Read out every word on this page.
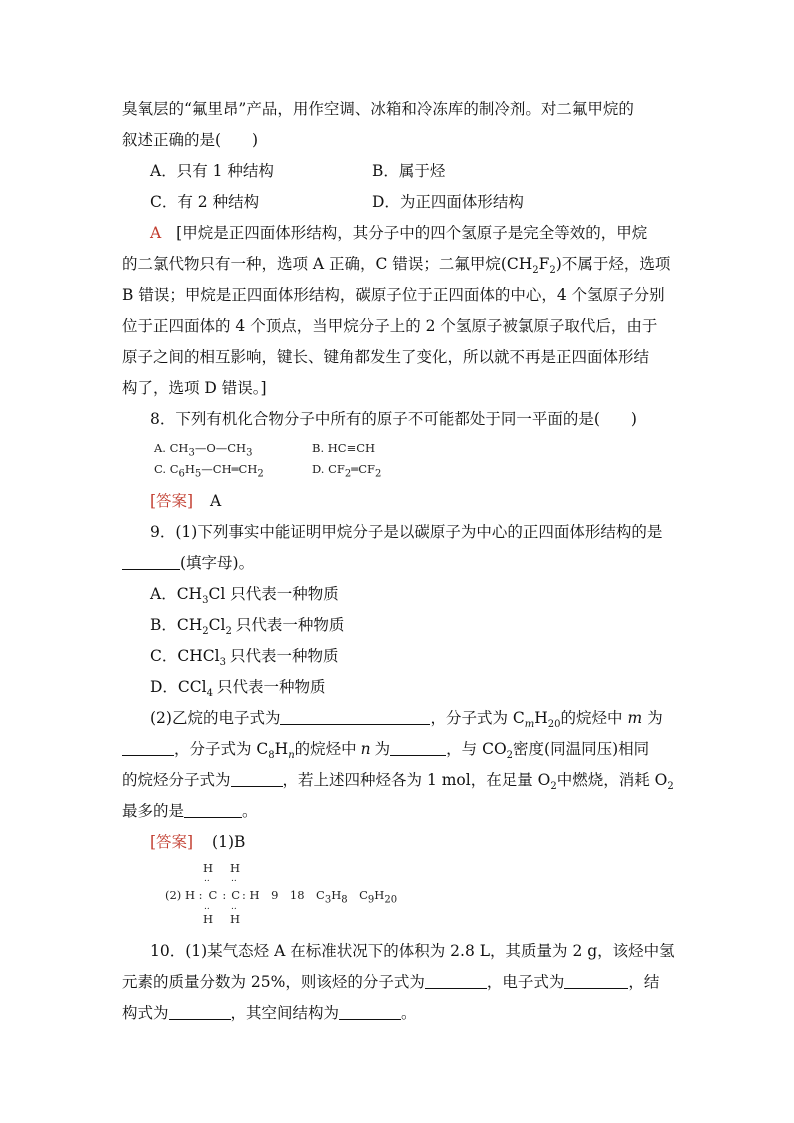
臭氧层的“氟里昂”产品，用作空调、冰箱和冷冻库的制冷剂。对二氟甲烷的
叙述正确的是(　　)
A．只有 1 种结构	B．属于烃
C．有 2 种结构	D．为正四面体形结构
A [甲烷是正四面体形结构，其分子中的四个氢原子是完全等效的，甲烷
的二氯代物只有一种，选项 A 正确，C 错误；二氟甲烷$(CH_2F_2)$不属于烃，选项
B 错误；甲烷是正四面体形结构，碳原子位于正四面体的中心，4 个氢原子分别
位于正四面体的 4 个顶点，当甲烷分子上的 2 个氢原子被氯原子取代后，由于
原子之间的相互影响，键长、键角都发生了变化，所以就不再是正四面体形结
构了，选项 D 错误。]
8．下列有机化合物分子中所有的原子不可能都处于同一平面的是(　　)
A. $CH_3—O—CH_3$	B. HC≡CH
C. $C_6H_5—CH═CH_2$	D. $CF_2═CF_2$
[答案] A
9．(1)下列事实中能证明甲烷分子是以碳原子为中心的正四面体形结构的是
(填字母)。
A．$CH_3Cl$ 只代表一种物质
B．$CH_2Cl_2$ 只代表一种物质
C．CHCl$_3$ 只代表一种物质
D．CCl$_4$ 只代表一种物质
(2)乙烷的电子式为	，分子式为 $C_mH_{20}$的烷烃中 m 为
，分子式为 $C_8H_n$的烷烃中 n 为	，与 $CO_2$密度(同温同压)相同
的烷烃分子式为	，若上述四种烃各为 1 mol，在足量 $O_2$中燃烧，消耗 $O_2$
最多的是	。
[答案] (1)B
H H
.. ..
(2) H : C : C : H　9　18　$C_3H_8$　$C_9H_{20}$
.. ..
H H
10．(1)某气态烃 A 在标准状况下的体积为 2.8 L，其质量为 2 g，该烃中氢
元素的质量分数为 25%，则该烃的分子式为	，电子式为	，结
构式为	，其空间结构为	。
